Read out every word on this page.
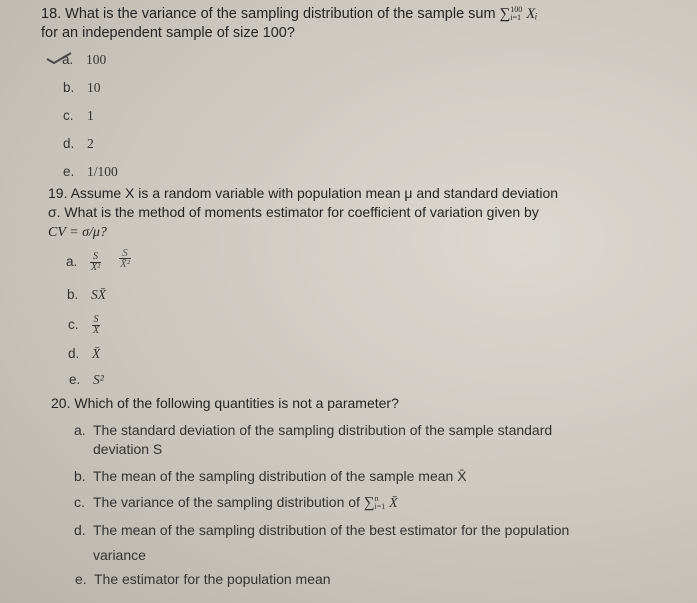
18. What is the variance of the sampling distribution of the sample sum ∑ 100
i=1 Xᵢ
for an independent sample of size 100?
a. 100
b. 10
c. 1
d. 2
e. 1/100
19. Assume X is a random variable with population mean μ and standard deviation
σ. What is the method of moments estimator for coefficient of variation given by
CV = σ/μ?
a. $\frac{S}{\text{X̄²}} \frac{S}{\text{X̄²}}$
b. SX̄
c. $\frac{S}{X̄}$
d. X̄
e. S²
20. Which of the following quantities is not a parameter?
a. The standard deviation of the sampling distribution of the sample standard
deviation S
b. The mean of the sampling distribution of the sample mean X̄
c. The variance of the sampling distribution of ∑ n
i=1 X̄
d. The mean of the sampling distribution of the best estimator for the population
variance
e. The estimator for the population mean
